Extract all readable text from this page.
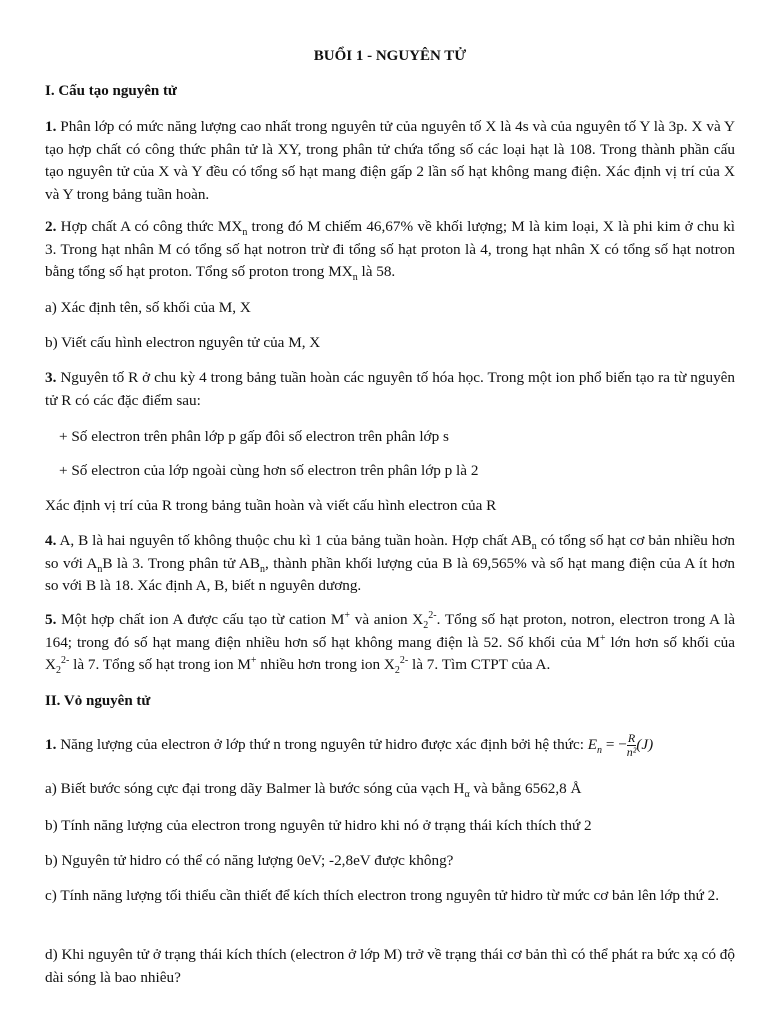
BUỔI 1 - NGUYÊN TỬ

I. Cấu tạo nguyên tử

1. Phân lớp có mức năng lượng cao nhất trong nguyên tử của nguyên tố X là 4s và của nguyên tố Y là 3p. X và Y tạo hợp chất có công thức phân tử là XY, trong phân tử chứa tổng số các loại hạt là 108. Trong thành phần cấu tạo nguyên tử của X và Y đều có tổng số hạt mang điện gấp 2 lần số hạt không mang điện. Xác định vị trí của X và Y trong bảng tuần hoàn.

2. Hợp chất A có công thức $MX_n$ trong đó M chiếm 46,67% về khối lượng; M là kim loại, X là phi kim ở chu kì 3. Trong hạt nhân M có tổng số hạt notron trừ đi tổng số hạt proton là 4, trong hạt nhân X có tổng số hạt notron bằng tổng số hạt proton. Tổng số proton trong $MX_n$ là 58.

a) Xác định tên, số khối của M, X

b) Viết cấu hình electron nguyên tử của M, X

3. Nguyên tố R ở chu kỳ 4 trong bảng tuần hoàn các nguyên tố hóa học. Trong một ion phổ biến tạo ra từ nguyên tử R có các đặc điểm sau:

+ Số electron trên phân lớp p gấp đôi số electron trên phân lớp s

+ Số electron của lớp ngoài cùng hơn số electron trên phân lớp p là 2

Xác định vị trí của R trong bảng tuần hoàn và viết cấu hình electron của R

4. A, B là hai nguyên tố không thuộc chu kì 1 của bảng tuần hoàn. Hợp chất $AB_n$ có tổng số hạt cơ bản nhiều hơn so với $A_nB$ là 3. Trong phân tử $AB_n$, thành phần khối lượng của B là 69,565% và số hạt mang điện của A ít hơn so với B là 18. Xác định A, B, biết n nguyên dương.

5. Một hợp chất ion A được cấu tạo từ cation M+ và anion $X_2^{2-}$. Tổng số hạt proton, notron, electron trong A là 164; trong đó số hạt mang điện nhiều hơn số hạt không mang điện là 52. Số khối của M+ lớn hơn số khối của $X_2^{2-}$ là 7. Tổng số hạt trong ion M+ nhiều hơn trong ion $X_2^{2-}$ là 7. Tìm CTPT của A.

II. Vỏ nguyên tử

1. Năng lượng của electron ở lớp thứ n trong nguyên tử hidro được xác định bởi hệ thức: $E_n$ = − $\frac{R}{\text{n²}} (J)$

a) Biết bước sóng cực đại trong dãy Balmer là bước sóng của vạch $H_\alpha$ và bằng 6562,8 Å

b) Tính năng lượng của electron trong nguyên tử hidro khi nó ở trạng thái kích thích thứ 2

b) Nguyên tử hidro có thể có năng lượng 0eV; -2,8eV được không?

c) Tính năng lượng tối thiểu cần thiết để kích thích electron trong nguyên tử hidro từ mức cơ bản lên lớp thứ 2.

d) Khi nguyên tử ở trạng thái kích thích (electron ở lớp M) trở về trạng thái cơ bản thì có thể phát ra bức xạ có độ dài sóng là bao nhiêu?
